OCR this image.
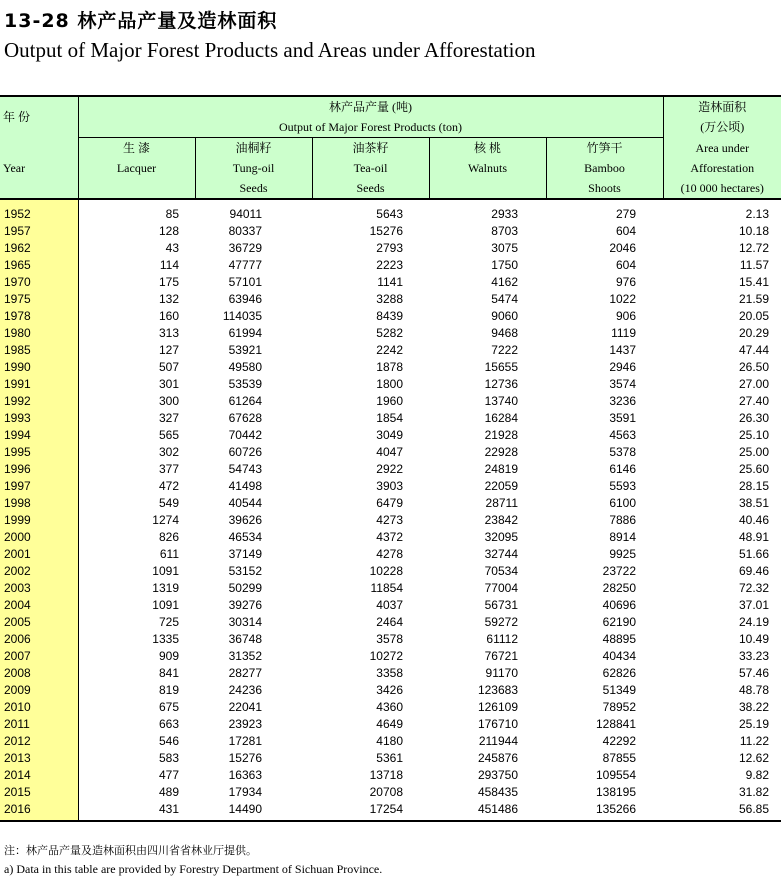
13-28 林产品产量及造林面积
Output of Major Forest Products and Areas under Afforestation
年 份	林产品产量 (吨)					造林面积
	Output of Major Forest Products (ton)					(万公顷)
	生 漆	油桐籽	油茶籽	核 桃	竹笋干	Area under
Year	Lacquer	Tung-oil	Tea-oil	Walnuts	Bamboo	Afforestation
		Seeds	Seeds		Shoots	(10 000 hectares)
1952	85	94011	5643	2933	279	2.13
1957	128	80337	15276	8703	604	10.18
1962	43	36729	2793	3075	2046	12.72
1965	114	47777	2223	1750	604	11.57
1970	175	57101	1141	4162	976	15.41
1975	132	63946	3288	5474	1022	21.59
1978	160	114035	8439	9060	906	20.05
1980	313	61994	5282	9468	1119	20.29
1985	127	53921	2242	7222	1437	47.44
1990	507	49580	1878	15655	2946	26.50
1991	301	53539	1800	12736	3574	27.00
1992	300	61264	1960	13740	3236	27.40
1993	327	67628	1854	16284	3591	26.30
1994	565	70442	3049	21928	4563	25.10
1995	302	60726	4047	22928	5378	25.00
1996	377	54743	2922	24819	6146	25.60
1997	472	41498	3903	22059	5593	28.15
1998	549	40544	6479	28711	6100	38.51
1999	1274	39626	4273	23842	7886	40.46
2000	826	46534	4372	32095	8914	48.91
2001	611	37149	4278	32744	9925	51.66
2002	1091	53152	10228	70534	23722	69.46
2003	1319	50299	11854	77004	28250	72.32
2004	1091	39276	4037	56731	40696	37.01
2005	725	30314	2464	59272	62190	24.19
2006	1335	36748	3578	61112	48895	10.49
2007	909	31352	10272	76721	40434	33.23
2008	841	28277	3358	91170	62826	57.46
2009	819	24236	3426	123683	51349	48.78
2010	675	22041	4360	126109	78952	38.22
2011	663	23923	4649	176710	128841	25.19
2012	546	17281	4180	211944	42292	11.22
2013	583	15276	5361	245876	87855	12.62
2014	477	16363	13718	293750	109554	9.82
2015	489	17934	20708	458435	138195	31.82
2016	431	14490	17254	451486	135266	56.85
注：林产品产量及造林面积由四川省省林业厅提供。
a) Data in this table are provided by Forestry Department of Sichuan Province.
